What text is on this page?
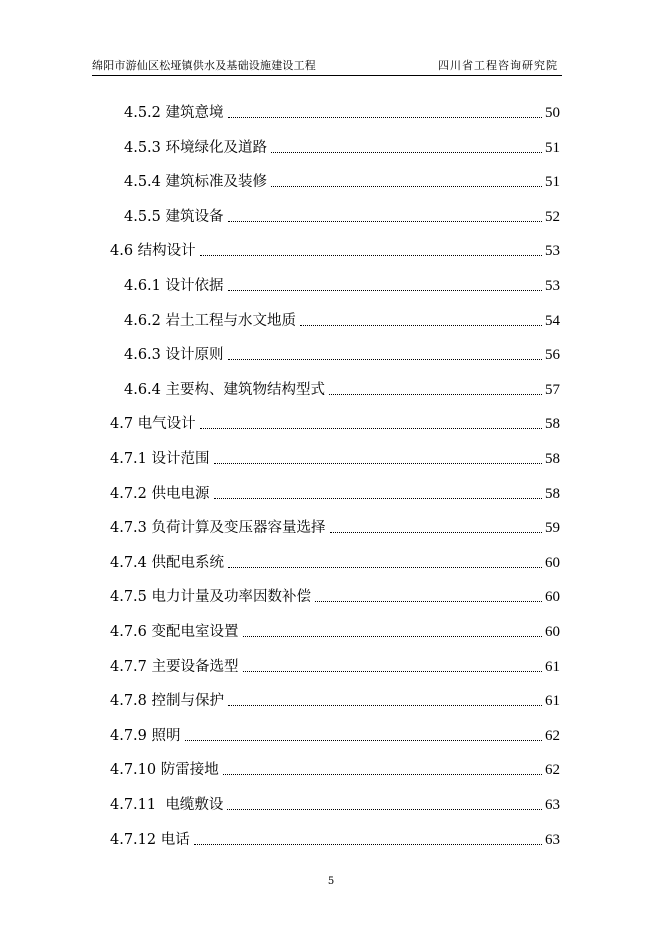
绵阳市游仙区松垭镇供水及基础设施建设工程	四川省工程咨询研究院
4.5.2 建筑意境	50
4.5.3 环境绿化及道路	51
4.5.4 建筑标准及装修	51
4.5.5 建筑设备	52
4.6 结构设计	53
4.6.1 设计依据	53
4.6.2 岩土工程与水文地质	54
4.6.3 设计原则	56
4.6.4 主要构、建筑物结构型式	57
4.7 电气设计	58
4.7.1 设计范围	58
4.7.2 供电电源	58
4.7.3 负荷计算及变压器容量选择	59
4.7.4 供配电系统	60
4.7.5 电力计量及功率因数补偿	60
4.7.6 变配电室设置	60
4.7.7 主要设备选型	61
4.7.8 控制与保护	61
4.7.9 照明	62
4.7.10 防雷接地	62
4.7.11  电缆敷设	63
4.7.12 电话	63
5
